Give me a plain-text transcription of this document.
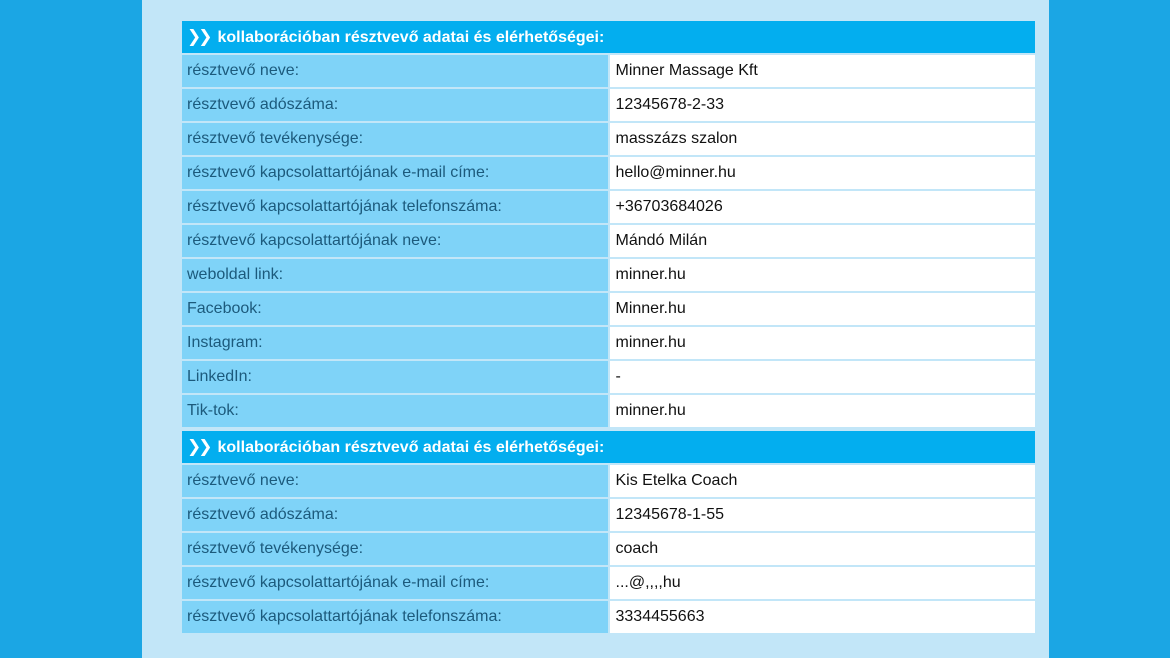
❯❯ kollaborációban résztvevő adatai és elérhetőségei:	
résztvevő neve:	Minner Massage Kft
résztvevő adószáma:	12345678-2-33
résztvevő tevékenysége:	masszázs szalon
résztvevő kapcsolattartójának e-mail címe:	hello@minner.hu
résztvevő kapcsolattartójának telefonszáma:	+36703684026
résztvevő kapcsolattartójának neve:	Mándó Milán
weboldal link:	minner.hu
Facebook:	Minner.hu
Instagram:	minner.hu
LinkedIn:	-
Tik-tok:	minner.hu
❯❯ kollaborációban résztvevő adatai és elérhetőségei:	
résztvevő neve:	Kis Etelka Coach
résztvevő adószáma:	12345678-1-55
résztvevő tevékenysége:	coach
résztvevő kapcsolattartójának e-mail címe:	...@,,,,hu
résztvevő kapcsolattartójának telefonszáma:	3334455663
